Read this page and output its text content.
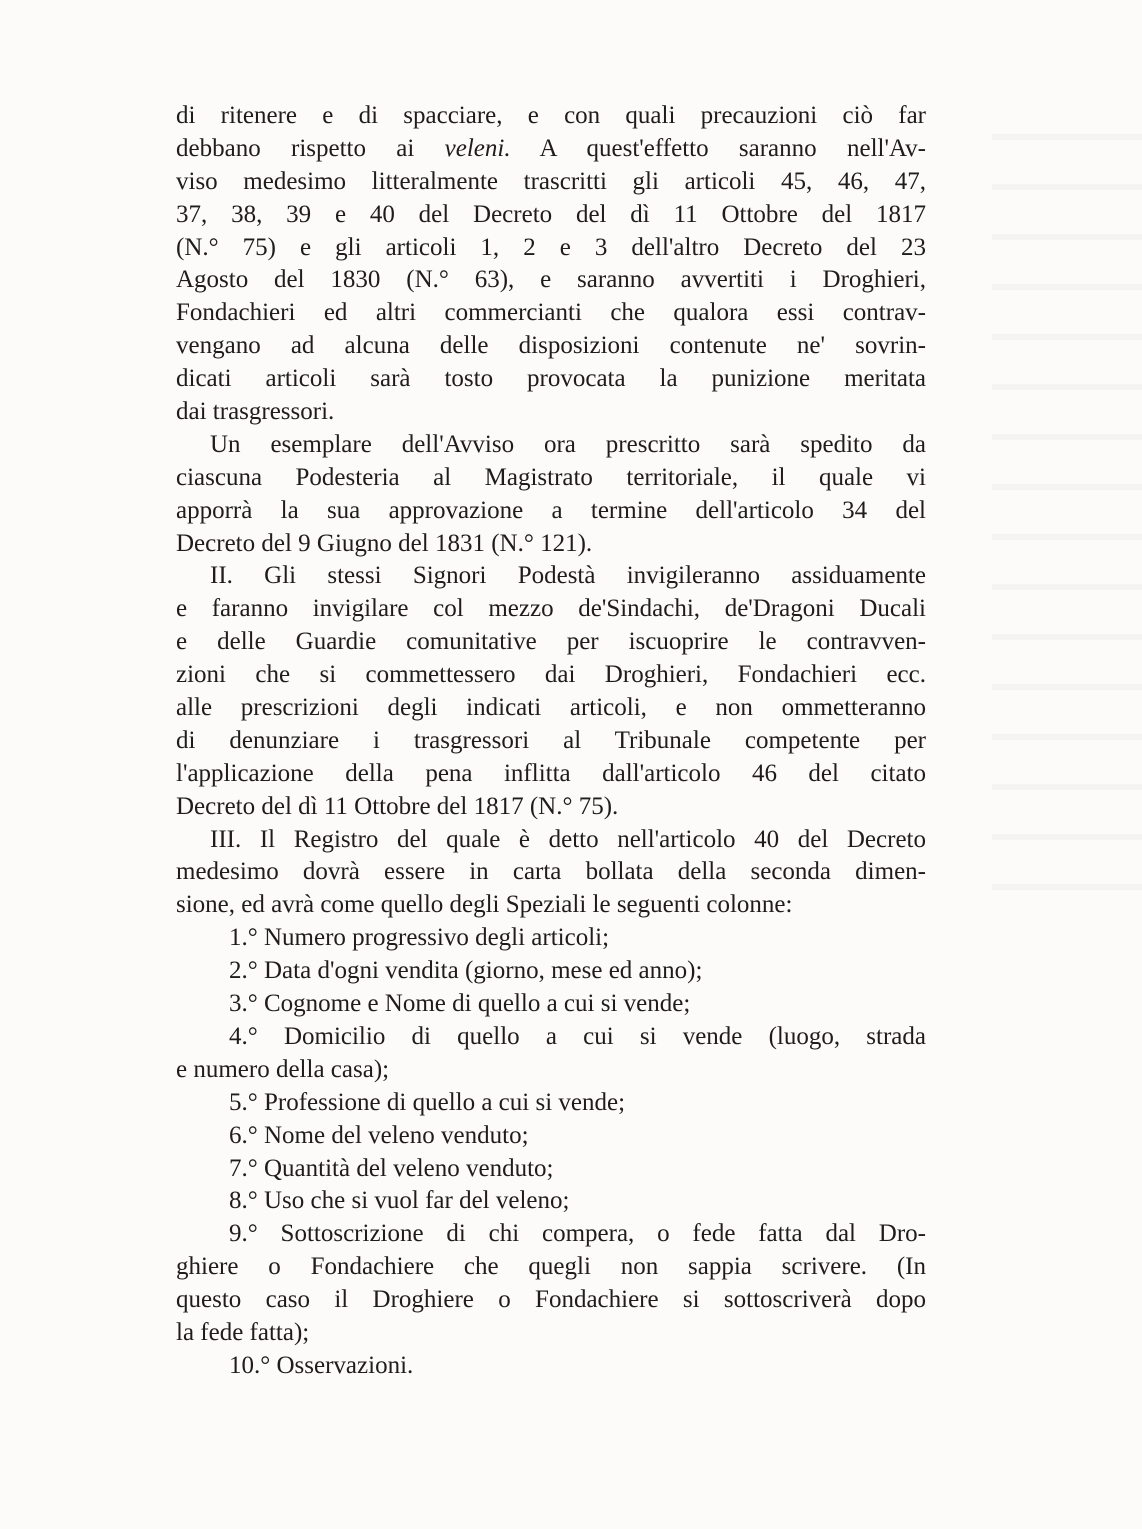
di ritenere e di spacciare, e con quali precauzioni ciò far
debbano rispetto ai veleni. A quest'effetto saranno nell'Av-
viso medesimo litteralmente trascritti gli articoli 45, 46, 47,
37, 38, 39 e 40 del Decreto del dì 11 Ottobre del 1817
(N.° 75) e gli articoli 1, 2 e 3 dell'altro Decreto del 23
Agosto del 1830 (N.° 63), e saranno avvertiti i Droghieri,
Fondachieri ed altri commercianti che qualora essi contrav-
vengano ad alcuna delle disposizioni contenute ne' sovrin-
dicati articoli sarà tosto provocata la punizione meritata
dai trasgressori.
Un esemplare dell'Avviso ora prescritto sarà spedito da
ciascuna Podesteria al Magistrato territoriale, il quale vi
apporrà la sua approvazione a termine dell'articolo 34 del
Decreto del 9 Giugno del 1831 (N.° 121).
II. Gli stessi Signori Podestà invigileranno assiduamente
e faranno invigilare col mezzo de'Sindachi, de'Dragoni Ducali
e delle Guardie comunitative per iscuoprire le contravven-
zioni che si commettessero dai Droghieri, Fondachieri ecc.
alle prescrizioni degli indicati articoli, e non ommetteranno
di denunziare i trasgressori al Tribunale competente per
l'applicazione della pena inflitta dall'articolo 46 del citato
Decreto del dì 11 Ottobre del 1817 (N.° 75).
III. Il Registro del quale è detto nell'articolo 40 del Decreto
medesimo dovrà essere in carta bollata della seconda dimen-
sione, ed avrà come quello degli Speziali le seguenti colonne:
1.° Numero progressivo degli articoli;
2.° Data d'ogni vendita (giorno, mese ed anno);
3.° Cognome e Nome di quello a cui si vende;
4.° Domicilio di quello a cui si vende (luogo, strada
e numero della casa);
5.° Professione di quello a cui si vende;
6.° Nome del veleno venduto;
7.° Quantità del veleno venduto;
8.° Uso che si vuol far del veleno;
9.° Sottoscrizione di chi compera, o fede fatta dal Dro-
ghiere o Fondachiere che quegli non sappia scrivere. (In
questo caso il Droghiere o Fondachiere si sottoscriverà dopo
la fede fatta);
10.° Osservazioni.
